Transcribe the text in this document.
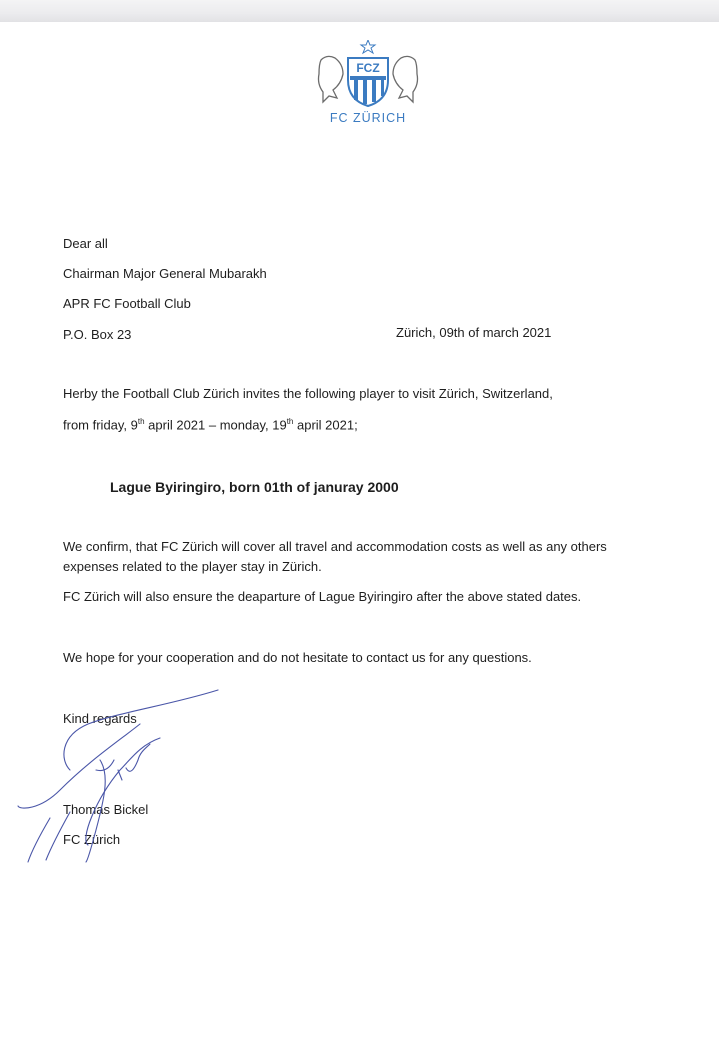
FCZ
FC ZÜRICH
Dear all
Chairman Major General Mubarakh
APR FC Football Club
P.O. Box 23	Zürich, 09th of march 2021
Herby the Football Club Zürich invites the following player to visit Zürich, Switzerland,
from friday, 9th april 2021 – monday, 19th april 2021;
Lague Byiringiro, born 01th of januray 2000
We confirm, that FC Zürich will cover all travel and accommodation costs as well as any others
expenses related to the player stay in Zürich.
FC Zürich will also ensure the deaparture of Lague Byiringiro after the above stated dates.
We hope for your cooperation and do not hesitate to contact us for any questions.
Kind regards
Thomas Bickel
FC Zürich
